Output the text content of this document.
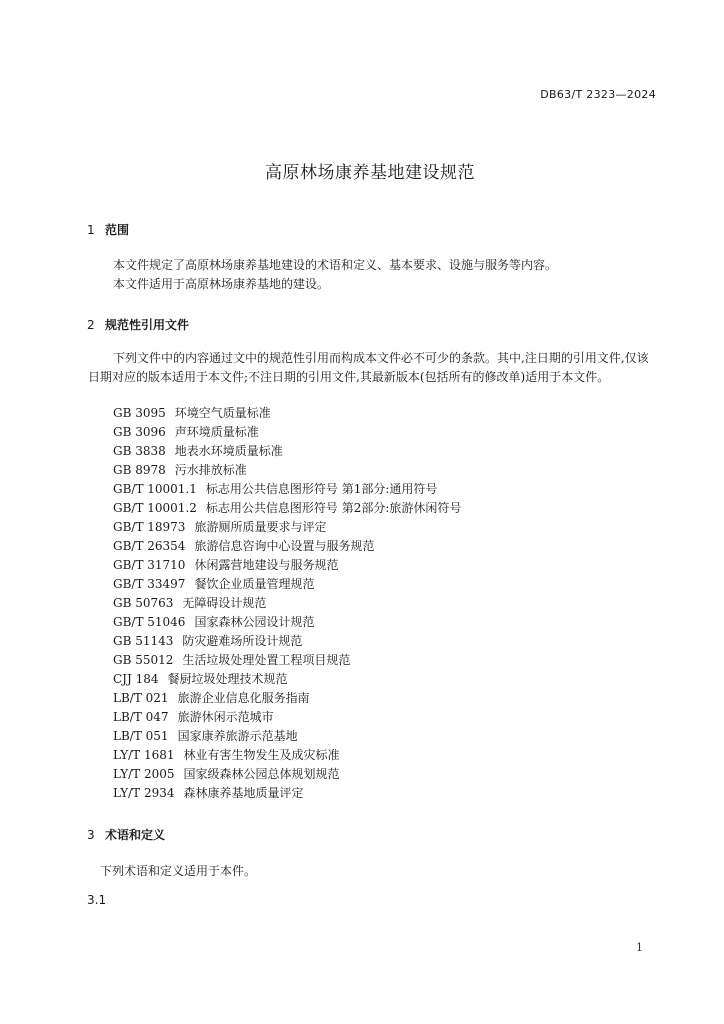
DB63/T 2323—2024
高原林场康养基地建设规范
1 范围
本文件规定了高原林场康养基地建设的术语和定义、基本要求、设施与服务等内容。
本文件适用于高原林场康养基地的建设。
2 规范性引用文件
下列文件中的内容通过文中的规范性引用而构成本文件必不可少的条款。其中,注日期的引用文件,仅该日期对应的版本适用于本文件;不注日期的引用文件,其最新版本(包括所有的修改单)适用于本文件。
GB 3095 环境空气质量标准
GB 3096 声环境质量标准
GB 3838 地表水环境质量标准
GB 8978 污水排放标准
GB/T 10001.1 标志用公共信息图形符号 第1部分:通用符号
GB/T 10001.2 标志用公共信息图形符号 第2部分:旅游休闲符号
GB/T 18973 旅游厕所质量要求与评定
GB/T 26354 旅游信息咨询中心设置与服务规范
GB/T 31710 休闲露营地建设与服务规范
GB/T 33497 餐饮企业质量管理规范
GB 50763 无障碍设计规范
GB/T 51046 国家森林公园设计规范
GB 51143 防灾避难场所设计规范
GB 55012 生活垃圾处理处置工程项目规范
CJJ 184 餐厨垃圾处理技术规范
LB/T 021 旅游企业信息化服务指南
LB/T 047 旅游休闲示范城市
LB/T 051 国家康养旅游示范基地
LY/T 1681 林业有害生物发生及成灾标准
LY/T 2005 国家级森林公园总体规划规范
LY/T 2934 森林康养基地质量评定
3 术语和定义
下列术语和定义适用于本件。
3.1
1
